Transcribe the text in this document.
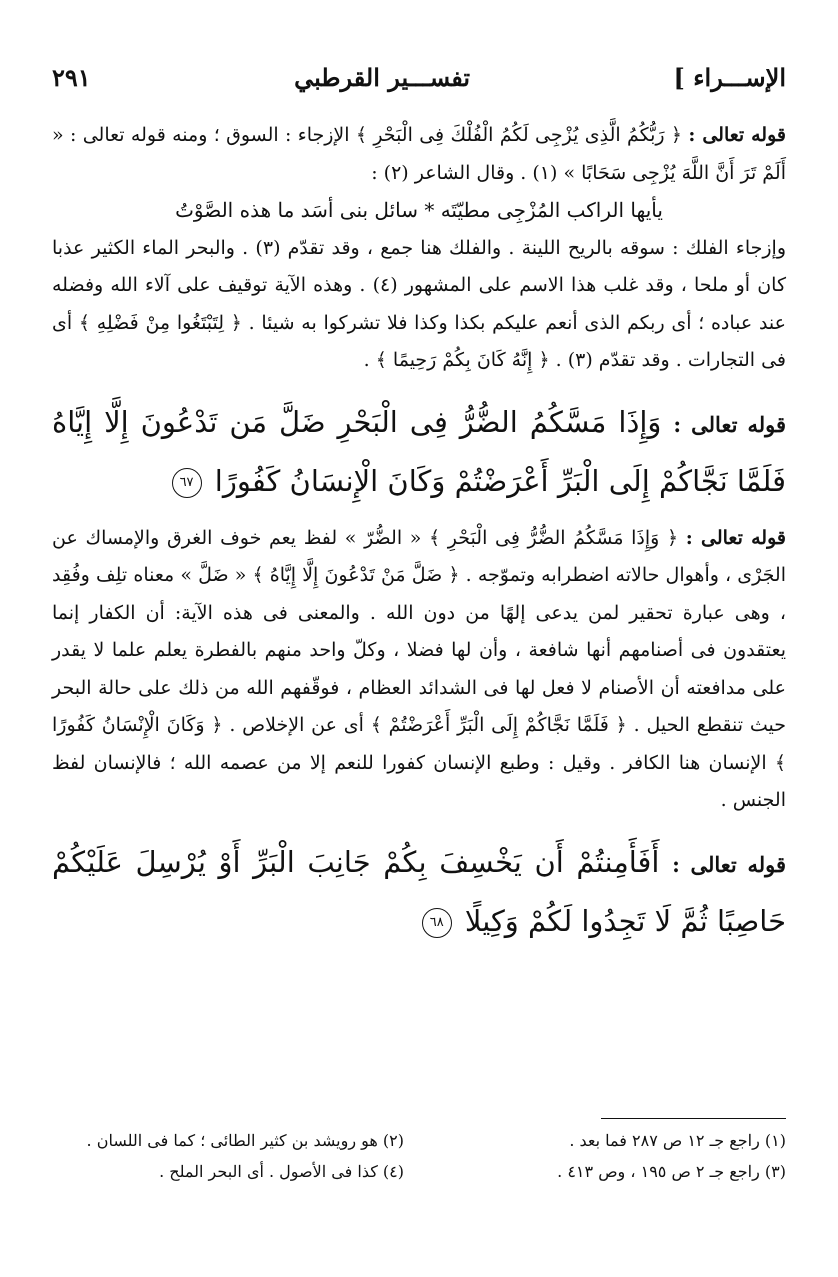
الإســـراء ]
تفســـير القرطبي
٢٩١

قوله تعالى : ﴿ رَبُّكُمُ الَّذِى يُزْجِى لَكُمُ الْفُلْكَ فِى الْبَحْرِ ﴾ الإزجاء : السوق ؛ ومنه قوله تعالى : « أَلَمْ تَرَ أَنَّ اللَّهَ يُزْجِى سَحَابًا » (١) . وقال الشاعر (٢) :

يأيها الراكب المُزْجِى مطيّتَه * سائل بنى أسَد ما هذه الصَّوْتُ

وإزجاء الفلك : سوقه بالريح اللينة . والفلك هنا جمع ، وقد تقدّم (٣) . والبحر الماء الكثير عذبا كان أو ملحا ، وقد غلب هذا الاسم على المشهور (٤) . وهذه الآية توقيف على آلاء الله وفضله عند عباده ؛ أى ربكم الذى أنعم عليكم بكذا وكذا فلا تشركوا به شيئا . ﴿ لِتَبْتَغُوا مِنْ فَضْلِهِ ﴾ أى فى التجارات . وقد تقدّم (٣) . ﴿ إِنَّهُ كَانَ بِكُمْ رَحِيمًا ﴾ .

قوله تعالى : وَإِذَا مَسَّكُمُ الضُّرُّ فِى الْبَحْرِ ضَلَّ مَن تَدْعُونَ إِلَّا إِيَّاهُ فَلَمَّا نَجَّاكُمْ إِلَى الْبَرِّ أَعْرَضْتُمْ وَكَانَ الْإِنسَانُ كَفُورًا ٦٧

قوله تعالى : ﴿ وَإِذَا مَسَّكُمُ الضُّرُّ فِى الْبَحْرِ ﴾ « الضُّرّ » لفظ يعم خوف الغرق والإمساك عن الجَرْى ، وأهوال حالاته اضطرابه وتموّجه . ﴿ ضَلَّ مَنْ تَدْعُونَ إِلَّا إِيَّاهُ ﴾ « ضَلَّ » معناه تلِف وفُقِد ، وهى عبارة تحقير لمن يدعى إلهًا من دون الله . والمعنى فى هذه الآية: أن الكفار إنما يعتقدون فى أصنامهم أنها شافعة ، وأن لها فضلا ، وكلّ واحد منهم بالفطرة يعلم علما لا يقدر على مدافعته أن الأصنام لا فعل لها فى الشدائد العظام ، فوقّفهم الله من ذلك على حالة البحر حيث تنقطع الحيل . ﴿ فَلَمَّا نَجَّاكُمْ إِلَى الْبَرِّ أَعْرَضْتُمْ ﴾ أى عن الإخلاص . ﴿ وَكَانَ الْإِنْسَانُ كَفُورًا ﴾ الإنسان هنا الكافر . وقيل : وطبع الإنسان كفورا للنعم إلا من عصمه الله ؛ فالإنسان لفظ الجنس .

قوله تعالى : أَفَأَمِنتُمْ أَن يَخْسِفَ بِكُمْ جَانِبَ الْبَرِّ أَوْ يُرْسِلَ عَلَيْكُمْ حَاصِبًا ثُمَّ لَا تَجِدُوا لَكُمْ وَكِيلًا ٦٨
(١) راجع جـ ١٢ ص ٢٨٧ فما بعد .
(٢) هو رويشد بن كثير الطائى ؛ كما فى اللسان .
(٣) راجع جـ ٢ ص ١٩٥ ، وص ٤١٣ .
(٤) كذا فى الأصول . أى البحر الملح .
